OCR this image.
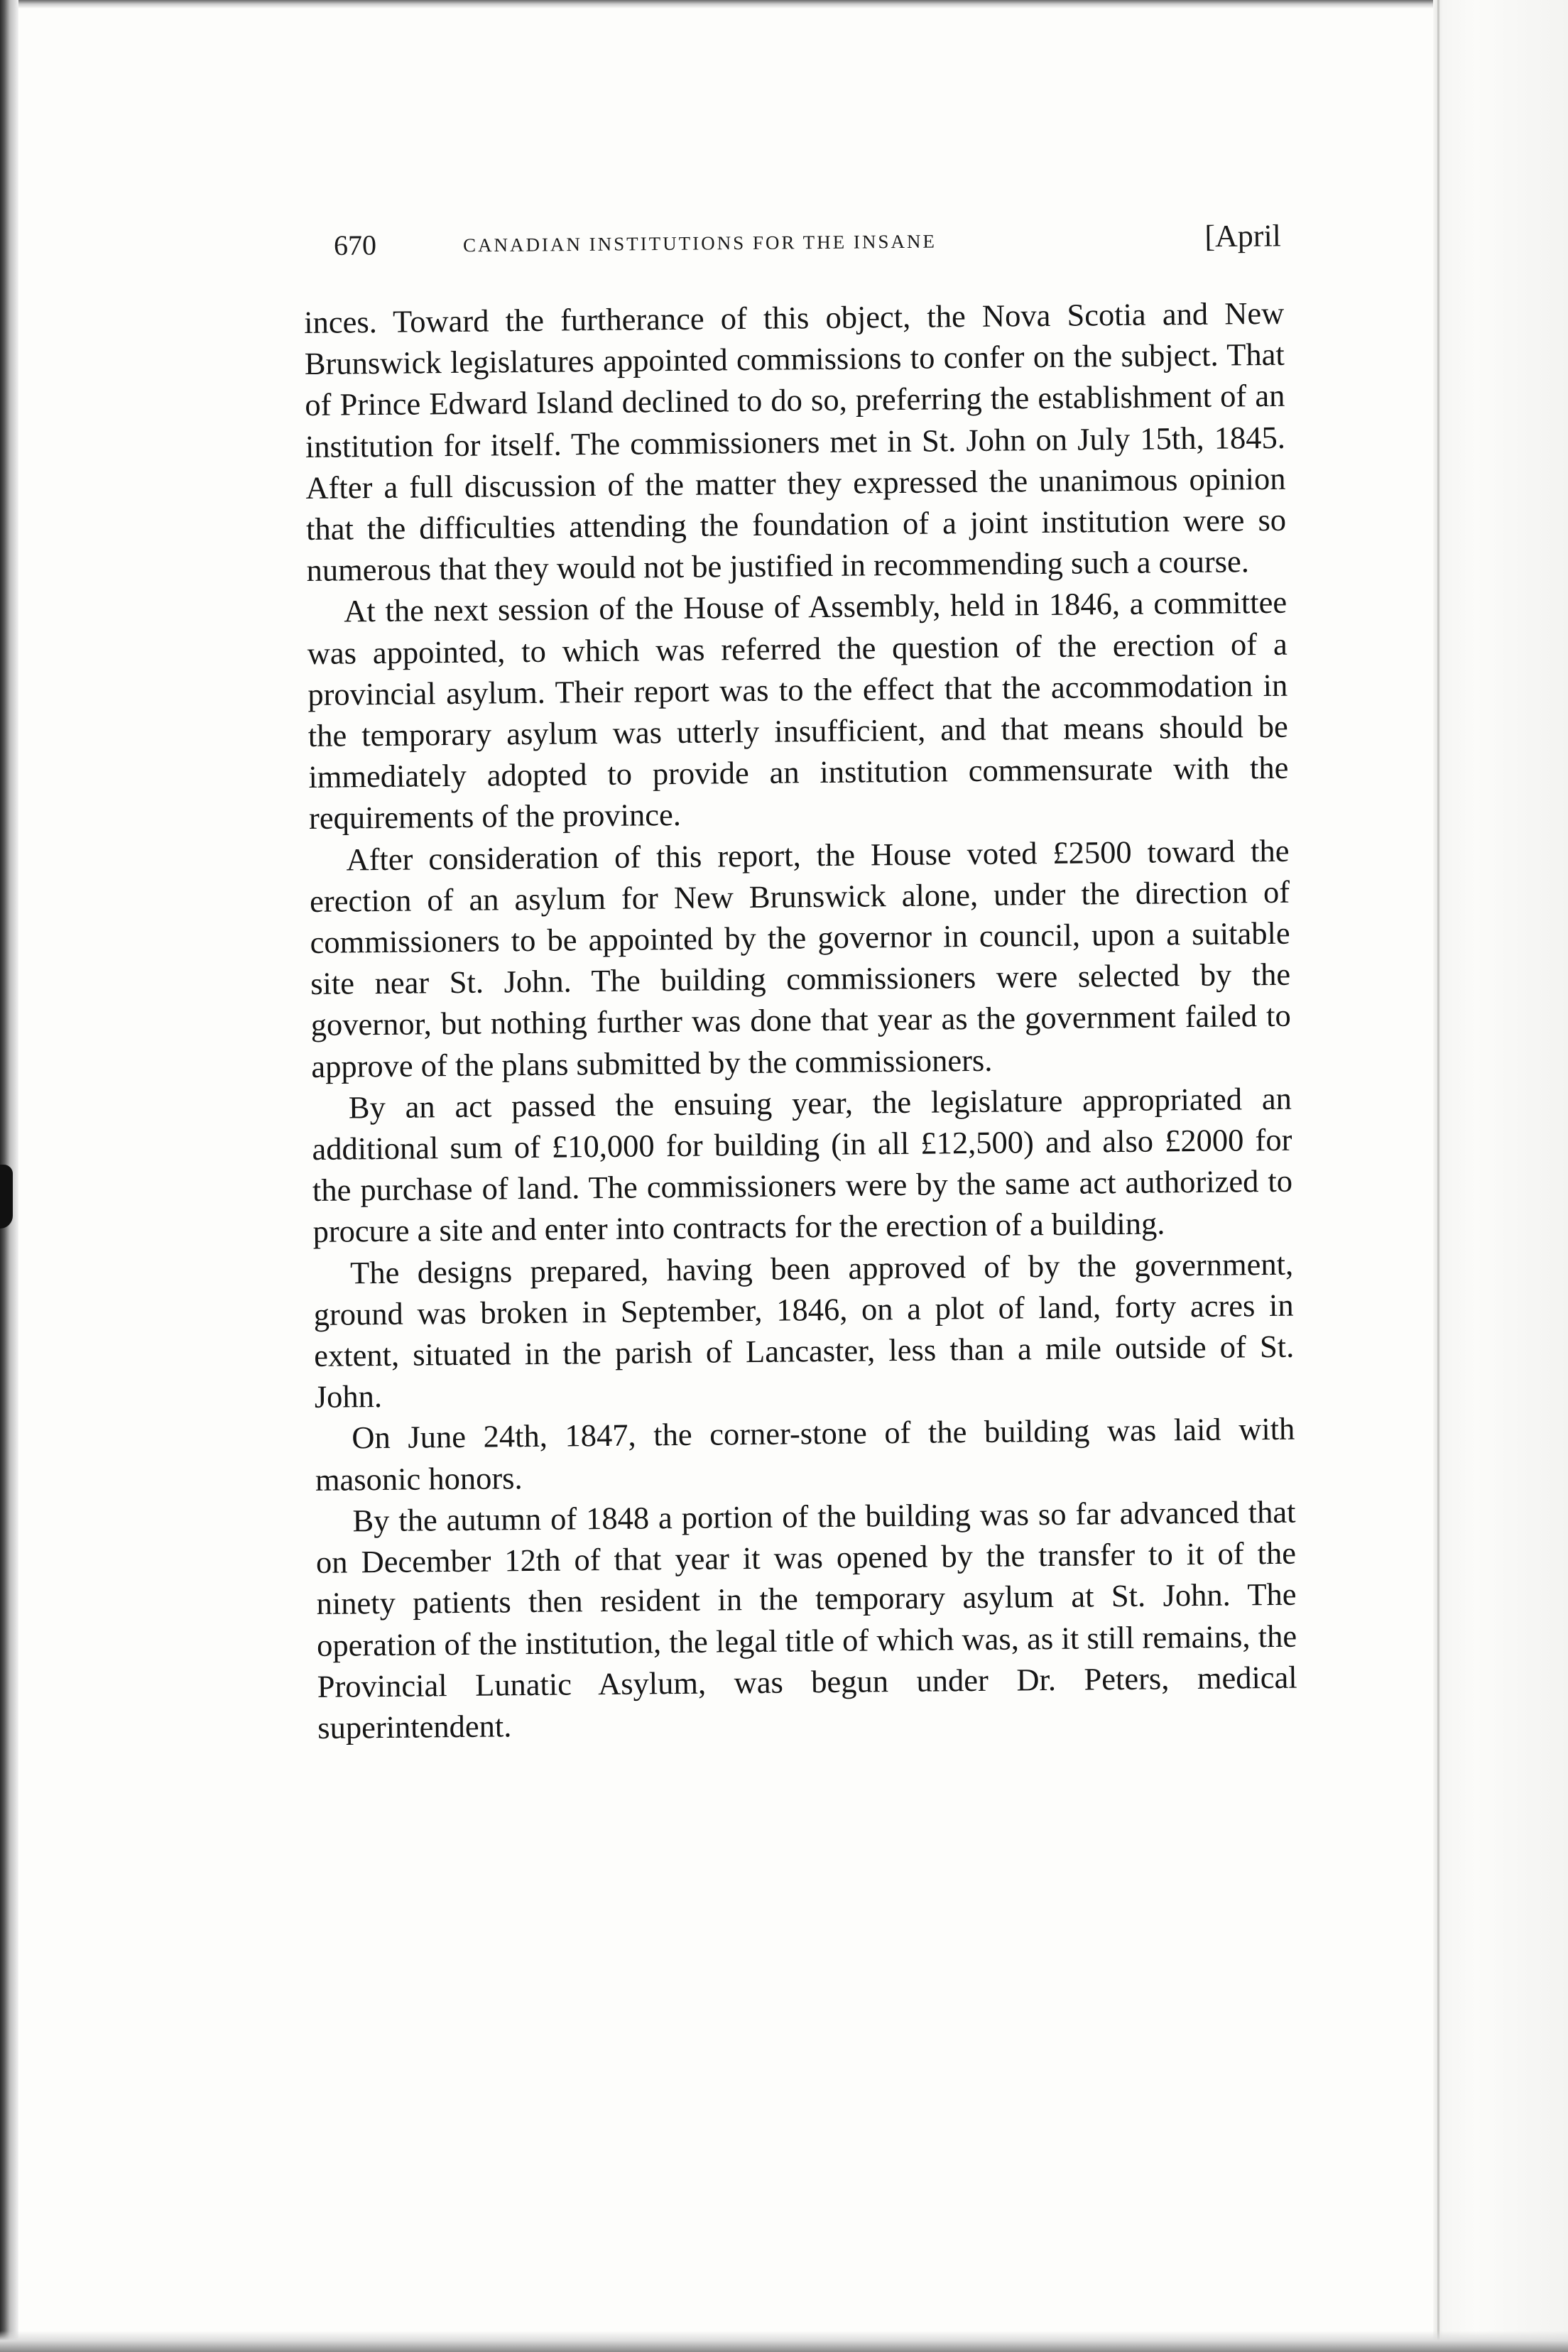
670	CANADIAN INSTITUTIONS FOR THE INSANE	[April

inces. Toward the furtherance of this object, the Nova Scotia and New Brunswick legislatures appointed commissions to confer on the subject. That of Prince Edward Island declined to do so, preferring the establishment of an institution for itself. The commissioners met in St. John on July 15th, 1845. After a full discussion of the matter they expressed the unanimous opinion that the difficulties attending the foundation of a joint institution were so numerous that they would not be justified in recommending such a course.

At the next session of the House of Assembly, held in 1846, a committee was appointed, to which was referred the question of the erection of a provincial asylum. Their report was to the effect that the accommodation in the temporary asylum was utterly insufficient, and that means should be immediately adopted to provide an institution commensurate with the requirements of the province.

After consideration of this report, the House voted £2500 toward the erection of an asylum for New Brunswick alone, under the direction of commissioners to be appointed by the governor in council, upon a suitable site near St. John. The building commissioners were selected by the governor, but nothing further was done that year as the government failed to approve of the plans submitted by the commissioners.

By an act passed the ensuing year, the legislature appropriated an additional sum of £10,000 for building (in all £12,500) and also £2000 for the purchase of land. The commissioners were by the same act authorized to procure a site and enter into contracts for the erection of a building.

The designs prepared, having been approved of by the government, ground was broken in September, 1846, on a plot of land, forty acres in extent, situated in the parish of Lancaster, less than a mile outside of St. John.

On June 24th, 1847, the corner-stone of the building was laid with masonic honors.

By the autumn of 1848 a portion of the building was so far advanced that on December 12th of that year it was opened by the transfer to it of the ninety patients then resident in the temporary asylum at St. John. The operation of the institution, the legal title of which was, as it still remains, the Provincial Lunatic Asylum, was begun under Dr. Peters, medical superintendent.
